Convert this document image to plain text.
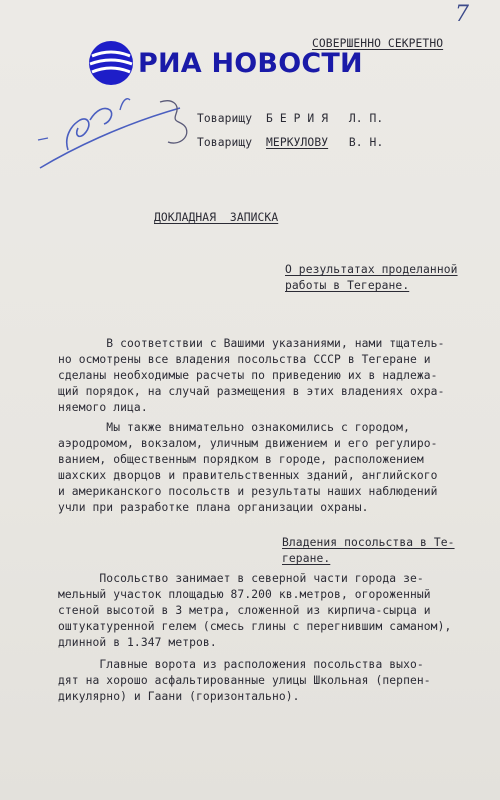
7
СОВЕРШЕННО СЕКРЕТНО
РИА НОВОСТИ
Товарищу  Б Е Р И Я   Л. П.
Товарищу  МЕРКУЛОВУ   В. Н.
ДОКЛАДНАЯ  ЗАПИСКА
О результатах проделанной
работы в Тегеране.
В соответствии с Вашими указаниями, нами тщатель-
но осмотрены все владения посольства СССР в Тегеране и
сделаны необходимые расчеты по приведению их в надлежа-
щий порядок, на случай размещения в этих владениях охра-
няемого лица.
Мы также внимательно ознакомились с городом,
аэродромом, вокзалом, уличным движением и его регулиро-
ванием, общественным порядком в городе, расположением
шахских дворцов и правительственных зданий, английского
и американского посольств и результаты наших наблюдений
учли при разработке плана организации охраны.
Владения посольства в Те-
геране.
Посольство занимает в северной части города зе-
мельный участок площадью 87.200 кв.метров, огороженный
стеной высотой в 3 метра, сложенной из кирпича-сырца и
оштукатуренной гелем (смесь глины с перегнившим саманом),
длинной в 1.347 метров.
Главные ворота из расположения посольства выхо-
дят на хорошо асфальтированные улицы Школьная (перпен-
дикулярно) и Гаани (горизонтально).
